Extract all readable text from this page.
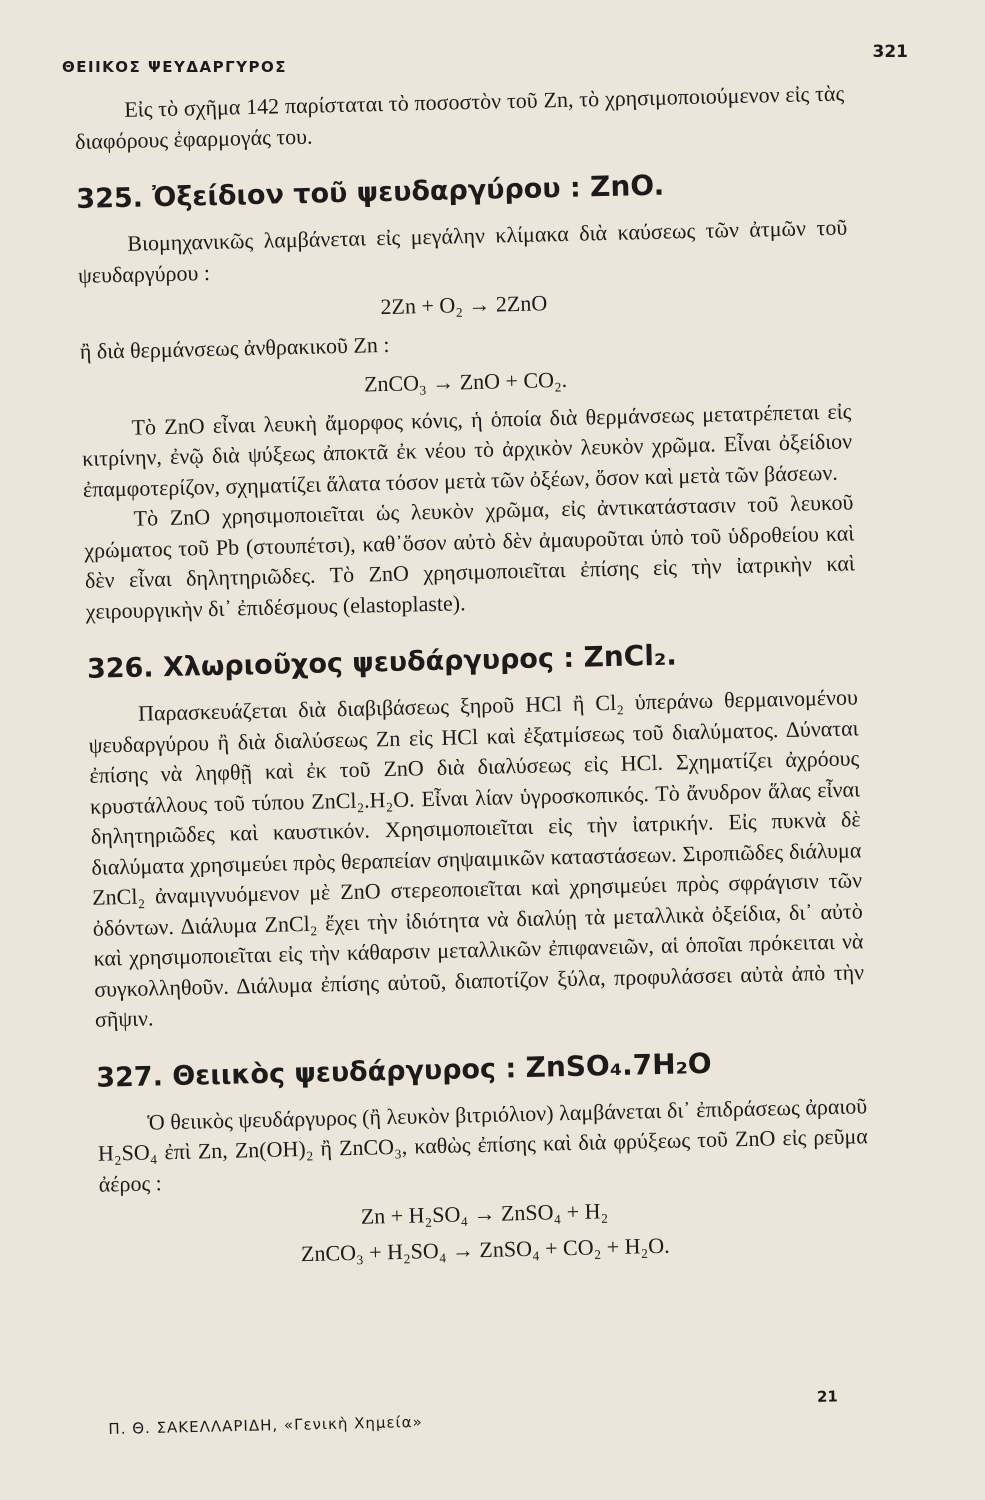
ΘΕΙΙΚΟΣ ΨΕΥΔΑΡΓΥΡΟΣ
321

Εἰς τὸ σχῆμα 142 παρίσταται τὸ ποσοστὸν τοῦ Zn, τὸ χρησιμοποιούμενον εἰς τὰς διαφόρους ἐφαρμογάς του.

325. Ὀξείδιον τοῦ ψευδαργύρου : ZnO.

Βιομηχανικῶς λαμβάνεται εἰς μεγάλην κλίμακα διὰ καύσεως τῶν ἀτμῶν τοῦ ψευδαργύρου :

2Zn + O₂ → 2ZnO

ἢ διὰ θερμάνσεως ἀνθρακικοῦ Zn :

ZnCO₃ → ZnO + CO₂.

Τὸ ZnO εἶναι λευκὴ ἄμορφος κόνις, ἡ ὁποία διὰ θερμάνσεως μετατρέπεται εἰς κιτρίνην, ἐνῷ διὰ ψύξεως ἀποκτᾶ ἐκ νέου τὸ ἀρχικὸν λευκὸν χρῶμα. Εἶναι ὀξείδιον ἐπαμφοτερίζον, σχηματίζει ἅλατα τόσον μετὰ τῶν ὀξέων, ὅσον καὶ μετὰ τῶν βάσεων.

Τὸ ZnO χρησιμοποιεῖται ὡς λευκὸν χρῶμα, εἰς ἀντικατάστασιν τοῦ λευκοῦ χρώματος τοῦ Pb (στουπέτσι), καθ᾽ὅσον αὐτὸ δὲν ἀμαυροῦται ὑπὸ τοῦ ὑδροθείου καὶ δὲν εἶναι δηλητηριῶδες. Τὸ ZnO χρησιμοποιεῖται ἐπίσης εἰς τὴν ἰατρικὴν καὶ χειρουργικὴν δι᾽ ἐπιδέσμους (elastoplaste).

326. Χλωριοῦχος ψευδάργυρος : ZnCl₂.

Παρασκευάζεται διὰ διαβιβάσεως ξηροῦ HCl ἢ Cl₂ ὑπεράνω θερμαινομένου ψευδαργύρου ἢ διὰ διαλύσεως Zn εἰς HCl καὶ ἐξατμίσεως τοῦ διαλύματος. Δύναται ἐπίσης νὰ ληφθῇ καὶ ἐκ τοῦ ZnO διὰ διαλύσεως εἰς HCl. Σχηματίζει ἀχρόους κρυστάλλους τοῦ τύπου ZnCl₂.H₂O. Εἶναι λίαν ὑγροσκοπικός. Τὸ ἄνυδρον ἅλας εἶναι δηλητηριῶδες καὶ καυστικόν. Χρησιμοποιεῖται εἰς τὴν ἰατρικήν. Εἰς πυκνὰ δὲ διαλύματα χρησιμεύει πρὸς θεραπείαν σηψαιμικῶν καταστάσεων. Σιροπιῶδες διάλυμα ZnCl₂ ἀναμιγνυόμενον μὲ ZnO στερεοποιεῖται καὶ χρησιμεύει πρὸς σφράγισιν τῶν ὀδόντων. Διάλυμα ZnCl₂ ἔχει τὴν ἰδιότητα νὰ διαλύῃ τὰ μεταλλικὰ ὀξείδια, δι᾽ αὐτὸ καὶ χρησιμοποιεῖται εἰς τὴν κάθαρσιν μεταλλικῶν ἐπιφανειῶν, αἱ ὁποῖαι πρόκειται νὰ συγκολληθοῦν. Διάλυμα ἐπίσης αὐτοῦ, διαποτίζον ξύλα, προφυλάσσει αὐτὰ ἀπὸ τὴν σῆψιν.

327. Θειικὸς ψευδάργυρος : ZnSO₄.7H₂O

Ὁ θειικὸς ψευδάργυρος (ἢ λευκὸν βιτριόλιον) λαμβάνεται δι᾽ ἐπιδράσεως ἀραιοῦ H₂SO₄ ἐπὶ Zn, Zn(OH)₂ ἢ ZnCO₃, καθὼς ἐπίσης καὶ διὰ φρύξεως τοῦ ZnO εἰς ρεῦμα ἀέρος :

Zn + H₂SO₄ → ZnSO₄ + H₂
ZnCO₃ + H₂SO₄ → ZnSO₄ + CO₂ + H₂O.
Π. Θ. ΣΑΚΕΛΛΑΡΙΔΗ, «Γενικὴ Χημεία»
21
